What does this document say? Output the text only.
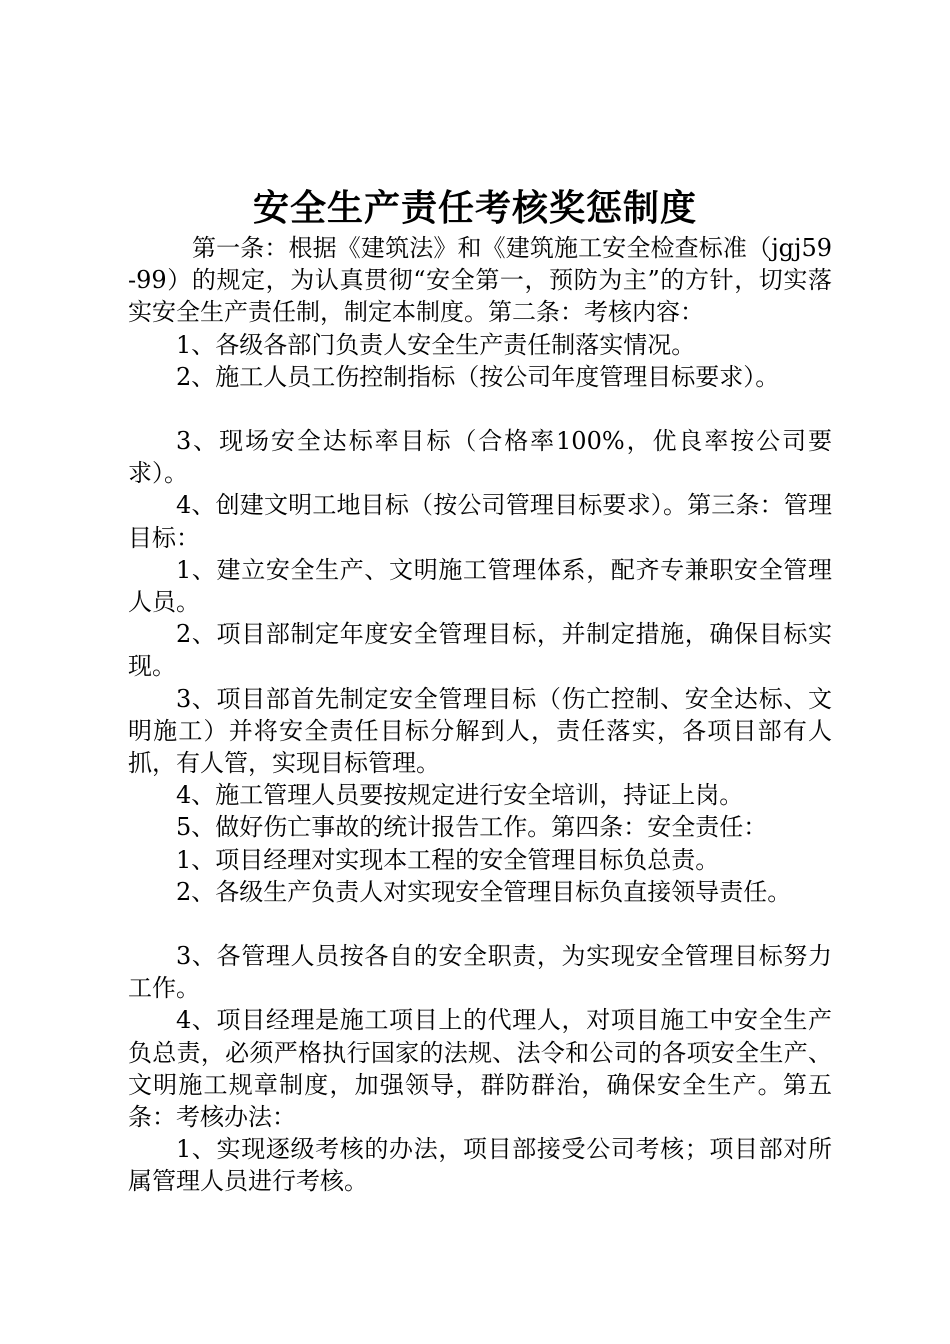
安全生产责任考核奖惩制度

第一条：根据《建筑法》和《建筑施工安全检查标准（jgj59-99）的规定，为认真贯彻“安全第一，预防为主”的方针，切实落实安全生产责任制，制定本制度。第二条：考核内容：

1、各级各部门负责人安全生产责任制落实情况。

2、施工人员工伤控制指标（按公司年度管理目标要求）。

3、现场安全达标率目标（合格率100%，优良率按公司要求）。

4、创建文明工地目标（按公司管理目标要求）。第三条：管理目标：

1、建立安全生产、文明施工管理体系，配齐专兼职安全管理人员。

2、项目部制定年度安全管理目标，并制定措施，确保目标实现。

3、项目部首先制定安全管理目标（伤亡控制、安全达标、文明施工）并将安全责任目标分解到人，责任落实，各项目部有人抓，有人管，实现目标管理。

4、施工管理人员要按规定进行安全培训，持证上岗。

5、做好伤亡事故的统计报告工作。第四条：安全责任：

1、项目经理对实现本工程的安全管理目标负总责。

2、各级生产负责人对实现安全管理目标负直接领导责任。

3、各管理人员按各自的安全职责，为实现安全管理目标努力工作。

4、项目经理是施工项目上的代理人，对项目施工中安全生产负总责，必须严格执行国家的法规、法令和公司的各项安全生产、文明施工规章制度，加强领导，群防群治，确保安全生产。第五条：考核办法：

1、实现逐级考核的办法，项目部接受公司考核；项目部对所属管理人员进行考核。
